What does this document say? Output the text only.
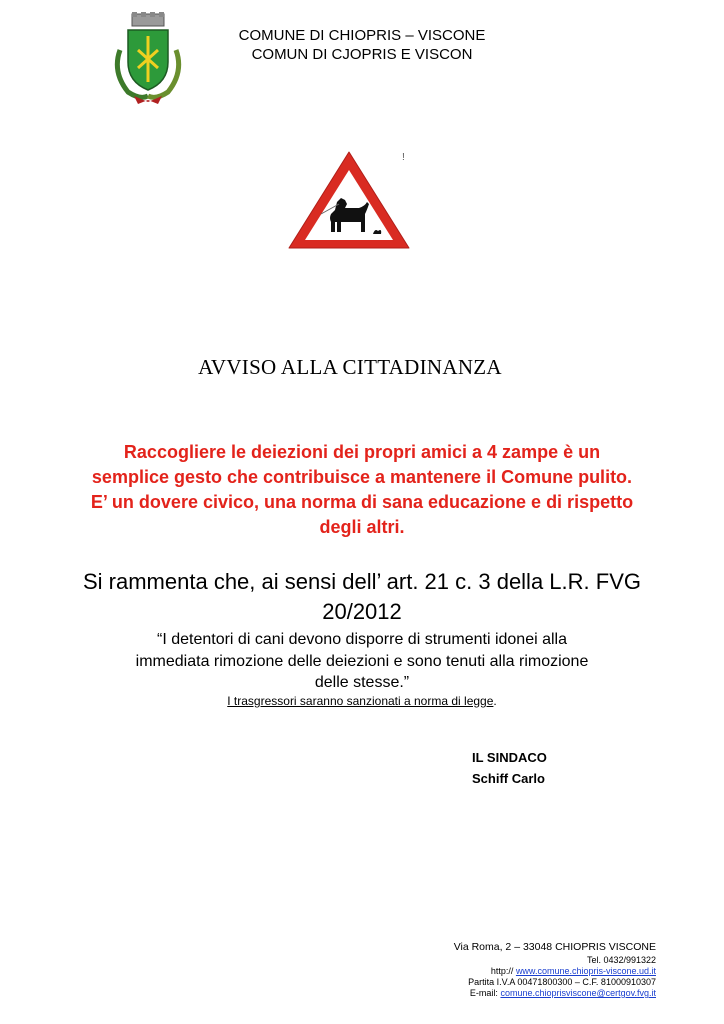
COMUNE DI CHIOPRIS – VISCONE
COMUN DI CJOPRIS E VISCON
!
AVVISO ALLA CITTADINANZA
Raccogliere le deiezioni dei propri amici a 4 zampe è un
semplice gesto che contribuisce a mantenere il Comune pulito.
E’ un dovere civico, una norma di sana educazione e di rispetto
degli altri.
Si rammenta che, ai sensi dell’ art. 21 c. 3 della L.R. FVG
20/2012
“I detentori di cani devono disporre di strumenti idonei alla
immediata rimozione delle deiezioni e sono tenuti alla rimozione
delle stesse.”
I trasgressori saranno sanzionati a norma di legge.
IL SINDACO
Schiff Carlo
Via Roma, 2 – 33048 CHIOPRIS VISCONE
Tel. 0432/991322
http:// www.comune.chiopris-viscone.ud.it
Partita I.V.A 00471800300 – C.F. 81000910307
E-mail: comune.chioprisviscone@certgov.fvg.it
